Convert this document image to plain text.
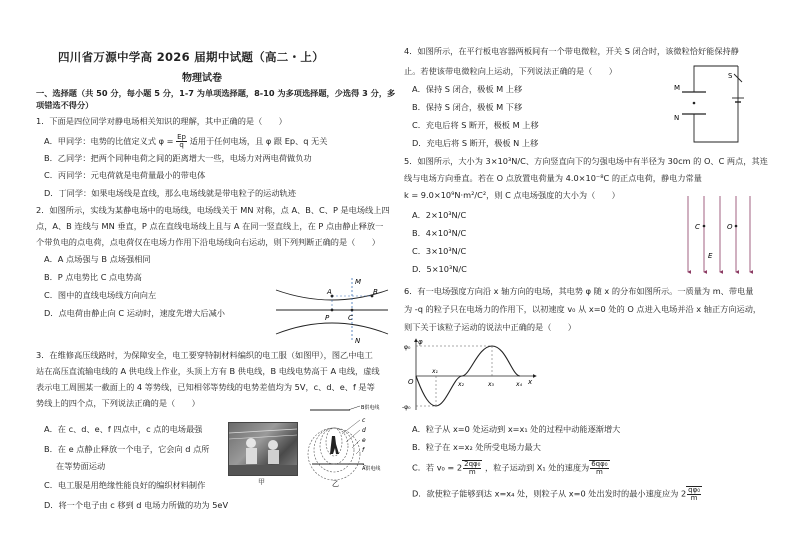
四川省万源中学高 2026 届期中试题（高二・上）
物理试卷
一、选择题（共 50 分，每小题 5 分，1-7 为单项选择题，8-10 为多项选择题，少选得 3 分，多
项错选不得分）
1．下面是四位同学对静电场相关知识的理解，其中正确的是（　　）
A．甲同学：电势的比值定义式 $\varphi = \frac{Ep}{q}$ 适用于任何电场，且 φ 跟 Ep、q 无关
B．乙同学：把两个同种电荷之间的距离增大一些，电场力对两电荷做负功
C．丙同学：元电荷就是电荷量最小的带电体
D．丁同学：如果电场线是直线，那么电场线就是带电粒子的运动轨迹
2．如图所示，实线为某静电场中的电场线，电场线关于 MN 对称，点 A、B、C、P 是电场线上四
点，A、B 连线与 MN 垂直，P 点在直线电场线上且与 A 在同一竖直线上，在 P 点由静止释放一
个带负电的点电荷，点电荷仅在电场力作用下沿电场线向右运动，则下列判断正确的是（　　）
A．A 点场强与 B 点场强相同
B．P 点电势比 C 点电势高
C．图中的直线电场线方向向左
D．点电荷由静止向 C 运动时，速度先增大后减小
M
N
A	B
P	C
3．在维修高压线路时，为保障安全，电工要穿特制材料编织的电工服（如图甲），图乙中电工
站在高压直流输电线的 A 供电线上作业，头顶上方有 B 供电线，B 电线电势高于 A 电线，虚线
表示电工周围某一截面上的 4 等势线，已知相邻等势线的电势差值均为 5V，c、d、e、f 是等
势线上的四个点，下列说法正确的是（　　）
A．在 c、d、e、f 四点中，c 点的电场最强
B．在 e 点静止释放一个电子，它会向 d 点所
在等势面运动
C．电工服是用绝缘性能良好的编织材料制作
D．将一个电子由 c 移到 d 电场力所做的功为 5eV
甲
B供电线
A供电线
c
d
e
f
乙
4．如图所示，在平行板电容器两板间有一个带电微粒，开关 S 闭合时，该微粒恰好能保持静
止。若使该带电微粒向上运动，下列说法正确的是（　　）
A．保持 S 闭合，极板 M 上移
B．保持 S 闭合，极板 M 下移
C．充电后将 S 断开，极板 M 上移
D．充电后将 S 断开，极板 N 上移
M
N
S
5．如图所示，大小为 3×10³N/C、方向竖直向下的匀强电场中有半径为 30cm 的 O、C 两点，其连
线与电场方向垂直。若在 O 点放置电荷量为 4.0×10⁻⁸C 的正点电荷，静电力常量
k = 9.0×10⁹N·m²/C²，则 C 点电场强度的大小为（　　）
A．2×10³N/C
B．4×10³N/C
C．3×10³N/C
D．5×10³N/C
C	O
E
6．有一电场强度方向沿 x 轴方向的电场，其电势 φ 随 x 的分布如图所示。一质量为 m、带电量
为 -q 的粒子只在电场力的作用下，以初速度 v₀ 从 x=0 处的 O 点进入电场并沿 x 轴正方向运动，
则下关于该粒子运动的说法中正确的是（　　）
φ
φ₀
-φ₀
O	x
x₁
x₂	x₃	x₄
A．粒子从 x=0 处运动到 x=x₁ 处的过程中动能逐渐增大
B．粒子在 x=x₂ 处所受电场力最大
C．若 $v_0 = 2 \frac{\text{2qφ₀}}{m}$ ，粒子运动到 X₁ 处的速度为 $\frac{\text{6qφ₀}}{m}$
D．欲使粒子能够到达 x=x₄ 处，则粒子从 x=0 处出发时的最小速度应为 $2 \frac{\text{qφ₀}}{m}$
